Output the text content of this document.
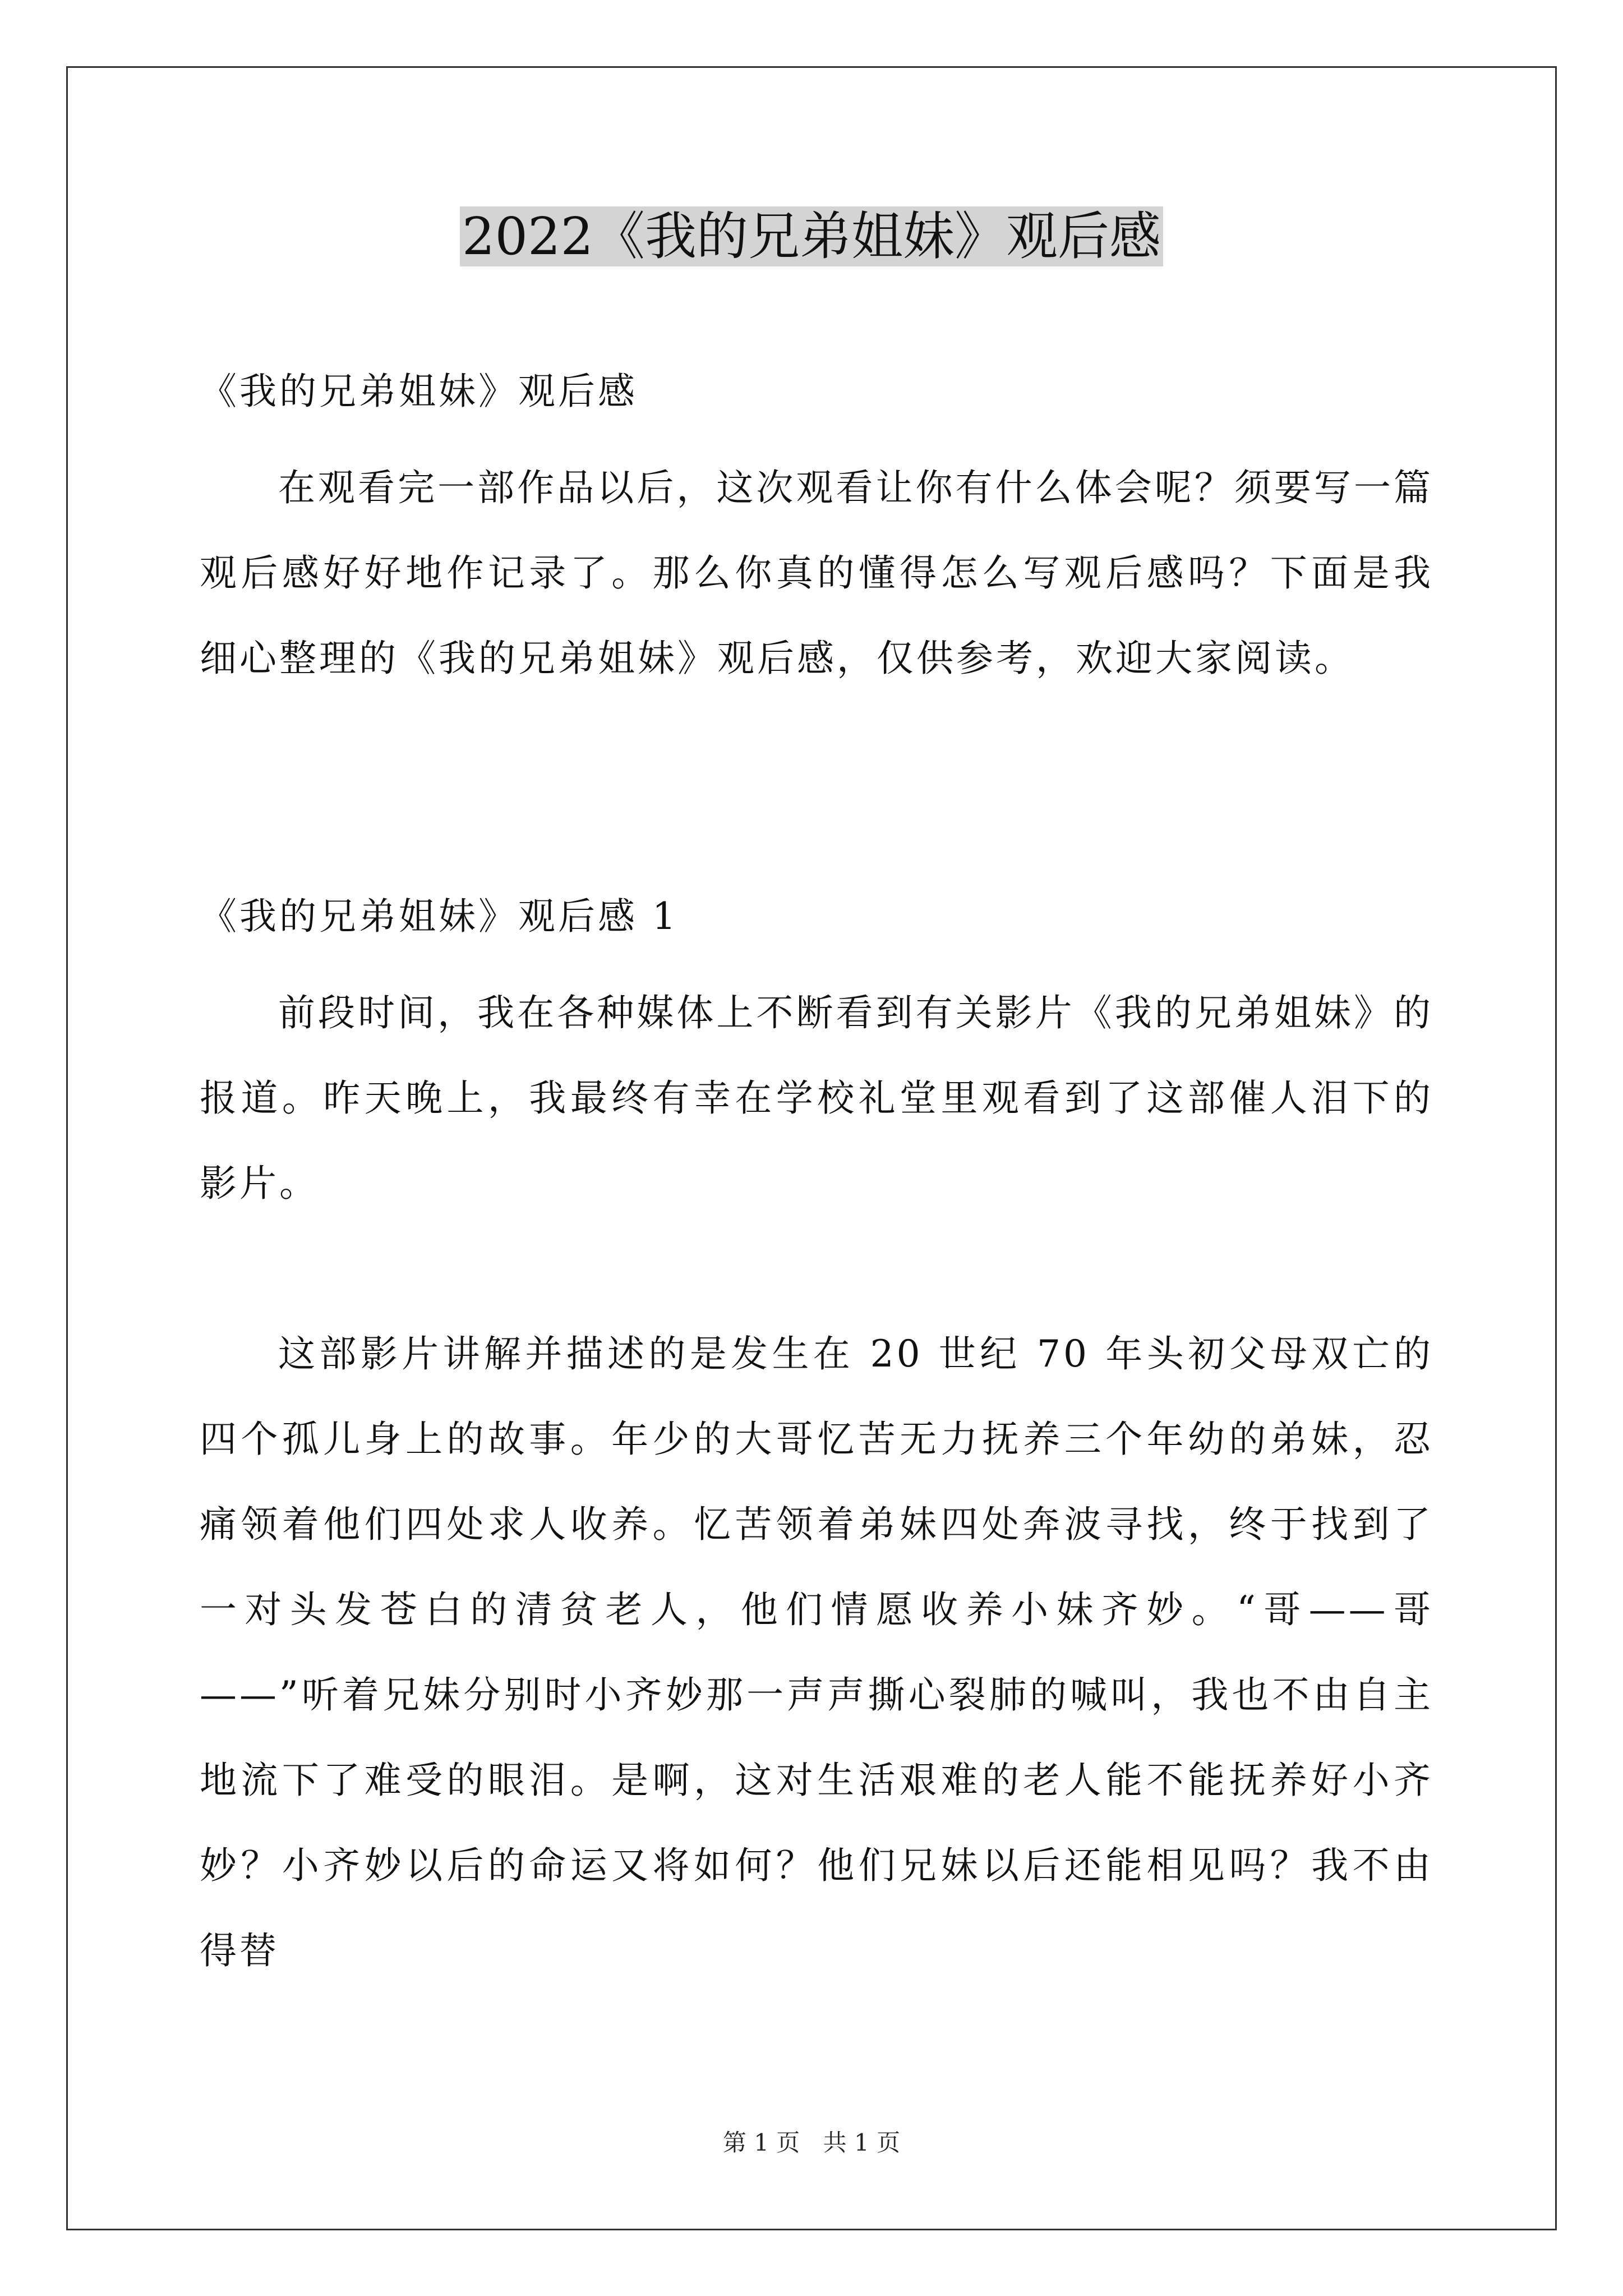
2022《我的兄弟姐妹》观后感

《我的兄弟姐妹》观后感

在观看完一部作品以后，这次观看让你有什么体会呢？须要写一篇观后感好好地作记录了。那么你真的懂得怎么写观后感吗？下面是我细心整理的《我的兄弟姐妹》观后感，仅供参考，欢迎大家阅读。

《我的兄弟姐妹》观后感 1

前段时间，我在各种媒体上不断看到有关影片《我的兄弟姐妹》的报道。昨天晚上，我最终有幸在学校礼堂里观看到了这部催人泪下的影片。

这部影片讲解并描述的是发生在 20 世纪 70 年头初父母双亡的四个孤儿身上的故事。年少的大哥忆苦无力抚养三个年幼的弟妹，忍痛领着他们四处求人收养。忆苦领着弟妹四处奔波寻找，终于找到了一对头发苍白的清贫老人，他们情愿收养小妹齐妙。“哥——哥——”听着兄妹分别时小齐妙那一声声撕心裂肺的喊叫，我也不由自主地流下了难受的眼泪。是啊，这对生活艰难的老人能不能抚养好小齐妙？小齐妙以后的命运又将如何？他们兄妹以后还能相见吗？我不由得替

第 1 页 共 1 页
